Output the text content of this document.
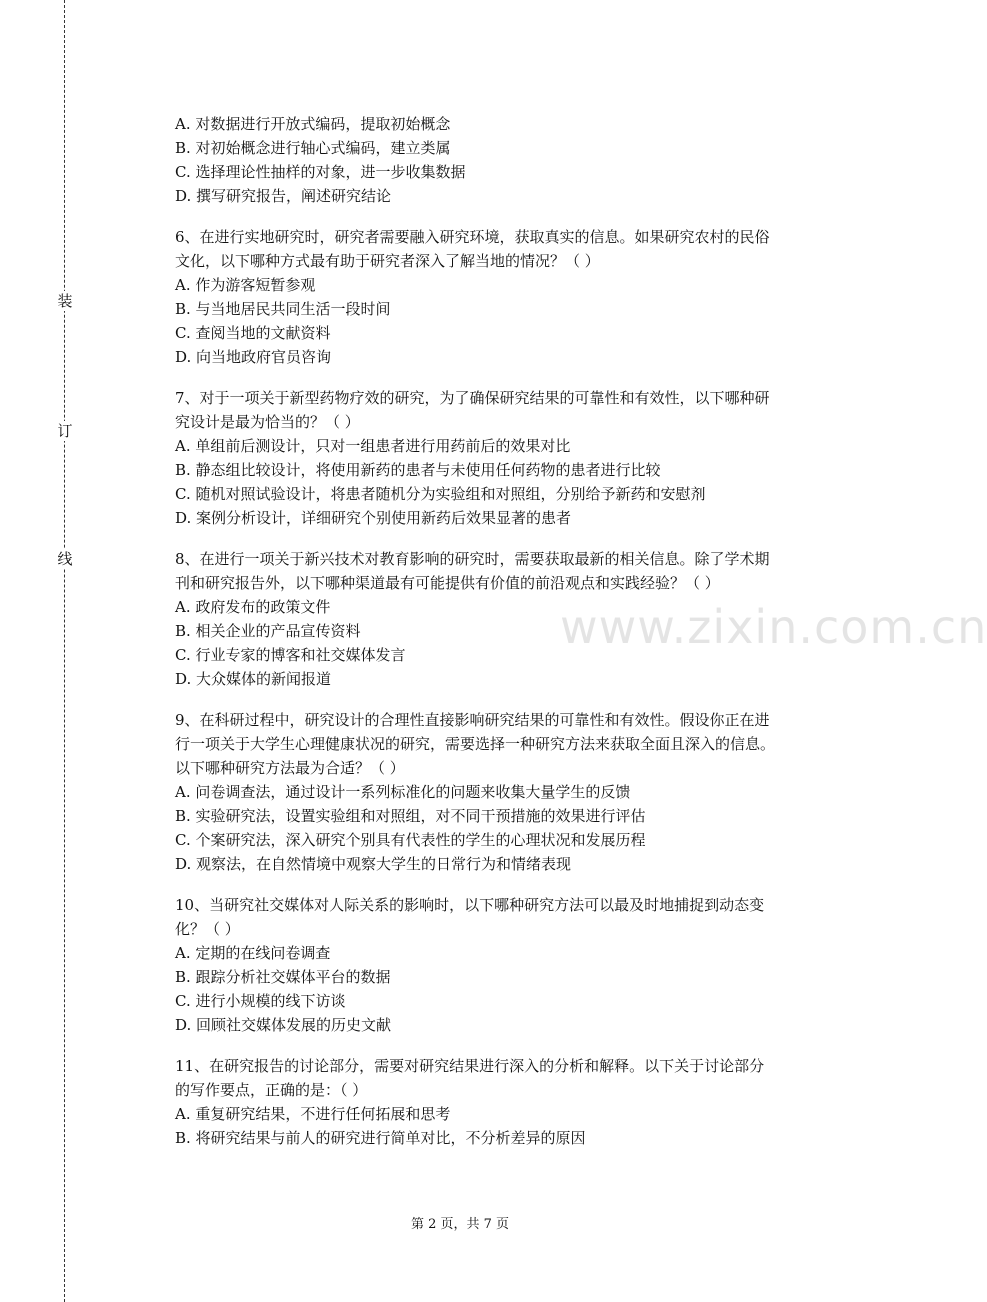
装
订
线
www.zixin.com.cn

A. 对数据进行开放式编码，提取初始概念

B. 对初始概念进行轴心式编码，建立类属

C. 选择理论性抽样的对象，进一步收集数据

D. 撰写研究报告，阐述研究结论

6、在进行实地研究时，研究者需要融入研究环境，获取真实的信息。如果研究农村的民俗

文化，以下哪种方式最有助于研究者深入了解当地的情况？（ ）

A. 作为游客短暂参观

B. 与当地居民共同生活一段时间

C. 查阅当地的文献资料

D. 向当地政府官员咨询

7、对于一项关于新型药物疗效的研究，为了确保研究结果的可靠性和有效性，以下哪种研

究设计是最为恰当的？（ ）

A. 单组前后测设计，只对一组患者进行用药前后的效果对比

B. 静态组比较设计，将使用新药的患者与未使用任何药物的患者进行比较

C. 随机对照试验设计，将患者随机分为实验组和对照组，分别给予新药和安慰剂

D. 案例分析设计，详细研究个别使用新药后效果显著的患者

8、在进行一项关于新兴技术对教育影响的研究时，需要获取最新的相关信息。除了学术期

刊和研究报告外，以下哪种渠道最有可能提供有价值的前沿观点和实践经验？（ ）

A. 政府发布的政策文件

B. 相关企业的产品宣传资料

C. 行业专家的博客和社交媒体发言

D. 大众媒体的新闻报道

9、在科研过程中，研究设计的合理性直接影响研究结果的可靠性和有效性。假设你正在进

行一项关于大学生心理健康状况的研究，需要选择一种研究方法来获取全面且深入的信息。

以下哪种研究方法最为合适？（ ）

A. 问卷调查法，通过设计一系列标准化的问题来收集大量学生的反馈

B. 实验研究法，设置实验组和对照组，对不同干预措施的效果进行评估

C. 个案研究法，深入研究个别具有代表性的学生的心理状况和发展历程

D. 观察法，在自然情境中观察大学生的日常行为和情绪表现

10、当研究社交媒体对人际关系的影响时，以下哪种研究方法可以最及时地捕捉到动态变

化？（ ）

A. 定期的在线问卷调查

B. 跟踪分析社交媒体平台的数据

C. 进行小规模的线下访谈

D. 回顾社交媒体发展的历史文献

11、在研究报告的讨论部分，需要对研究结果进行深入的分析和解释。以下关于讨论部分

的写作要点，正确的是：（ ）

A. 重复研究结果，不进行任何拓展和思考

B. 将研究结果与前人的研究进行简单对比，不分析差异的原因

第 2 页，共 7 页
